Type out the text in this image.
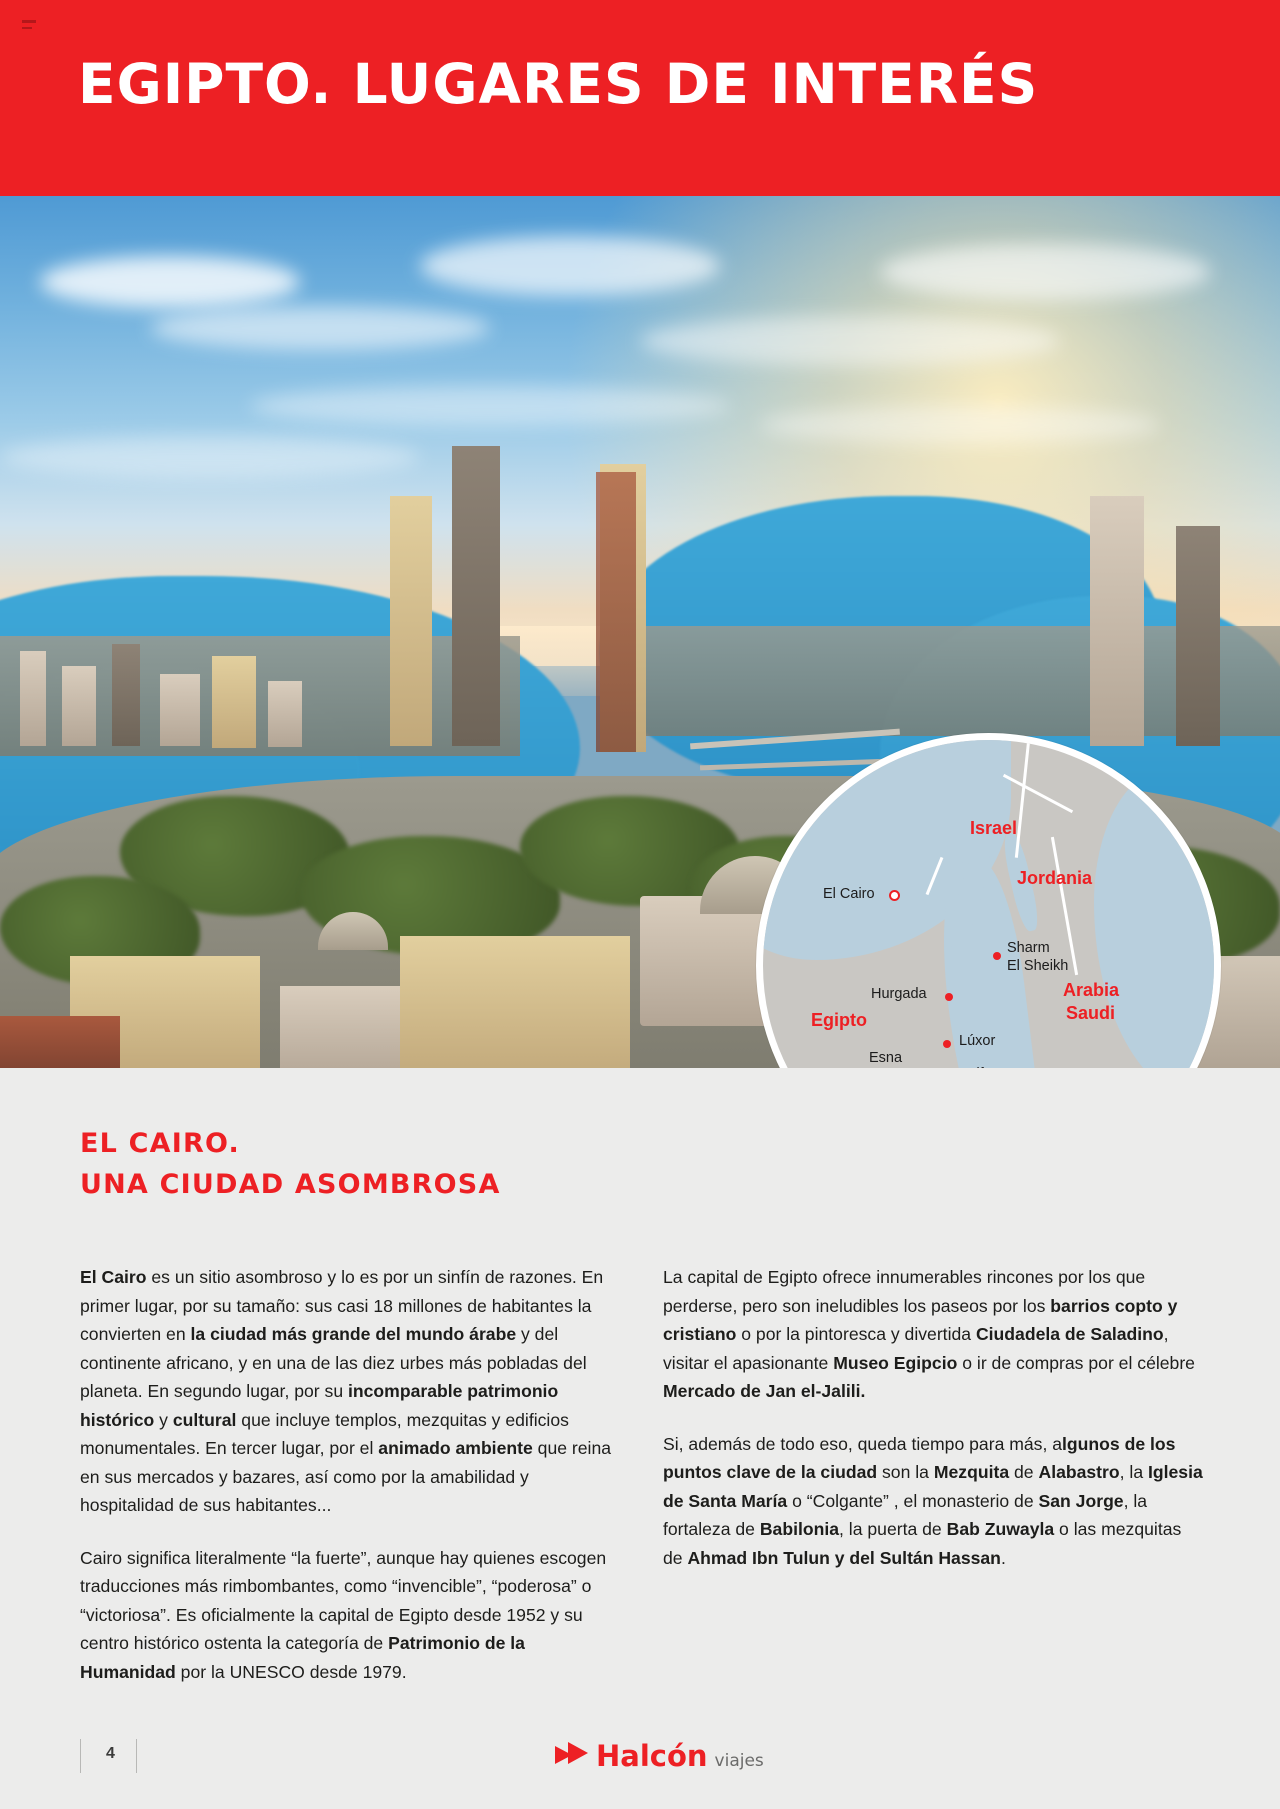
EGIPTO. LUGARES DE INTERÉS
Israel
Jordania
Arabia
Saudi
Egipto
El Cairo
Sharm
El Sheikh
Hurgada
Lúxor
Esna
EL CAIRO.
UNA CIUDAD ASOMBROSA

El Cairo es un sitio asombroso y lo es por un sinfín de razones. En primer lugar, por su tamaño: sus casi 18 millones de habitantes la convierten en la ciudad más grande del mundo árabe y del continente africano, y en una de las diez urbes más pobladas del planeta. En segundo lugar, por su incomparable patrimonio histórico y cultural que incluye templos, mezquitas y edificios monumentales. En tercer lugar, por el animado ambiente que reina en sus mercados y bazares, así como por la amabilidad y hospitalidad de sus habitantes...

Cairo significa literalmente “la fuerte”, aunque hay quienes escogen traducciones más rimbombantes, como “invencible”, “poderosa” o “victoriosa”. Es oficialmente la capital de Egipto desde 1952 y su centro histórico ostenta la categoría de Patrimonio de la Humanidad por la UNESCO desde 1979.

La capital de Egipto ofrece innumerables rincones por los que perderse, pero son ineludibles los paseos por los barrios copto y cristiano o por la pintoresca y divertida Ciudadela de Saladino, visitar el apasionante Museo Egipcio o ir de compras por el célebre Mercado de Jan el-Jalili.

Si, además de todo eso, queda tiempo para más, algunos de los puntos clave de la ciudad son la Mezquita de Alabastro, la Iglesia de Santa María o “Colgante” , el monasterio de San Jorge, la fortaleza de Babilonia, la puerta de Bab Zuwayla o las mezquitas de Ahmad Ibn Tulun y del Sultán Hassan.

4	Halcón viajes
